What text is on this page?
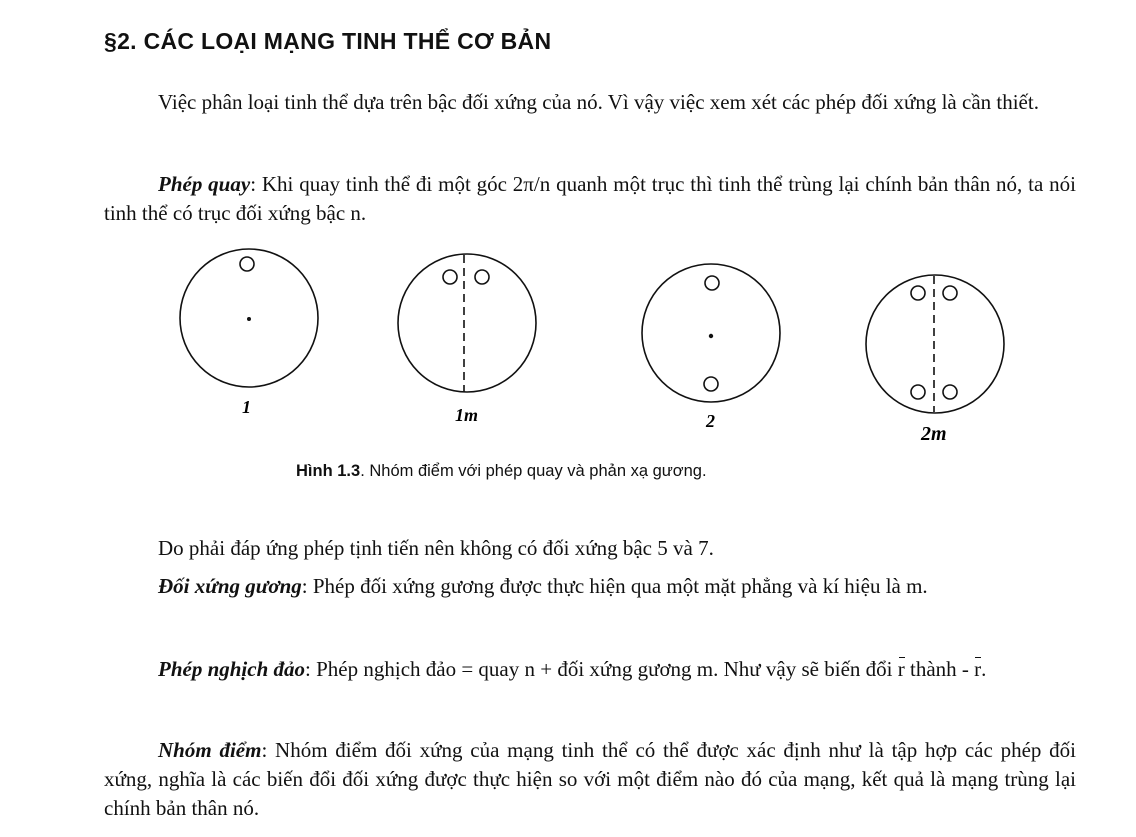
§2. CÁC LOẠI MẠNG TINH THỂ CƠ BẢN
Việc phân loại tinh thể dựa trên bậc đối xứng của nó. Vì vậy việc xem xét các phép đối xứng là cần thiết.
Phép quay: Khi quay tinh thể đi một góc 2π/n quanh một trục thì tinh thể trùng lại chính bản thân nó, ta nói tinh thể có trục đối xứng bậc n.
1	1m	2
2m
Hình 1.3. Nhóm điểm với phép quay và phản xạ gương.
Do phải đáp ứng phép tịnh tiến nên không có đối xứng bậc 5 và 7.
Đối xứng gương: Phép đối xứng gương được thực hiện qua một mặt phẳng và kí hiệu là m.
Phép nghịch đảo: Phép nghịch đảo = quay n + đối xứng gương m. Như vậy sẽ biến đổi r thành - r.
Nhóm điểm: Nhóm điểm đối xứng của mạng tinh thể có thể được xác định như là tập hợp các phép đối xứng, nghĩa là các biến đổi đối xứng được thực hiện so với một điểm nào đó của mạng, kết quả là mạng trùng lại chính bản thân nó.
